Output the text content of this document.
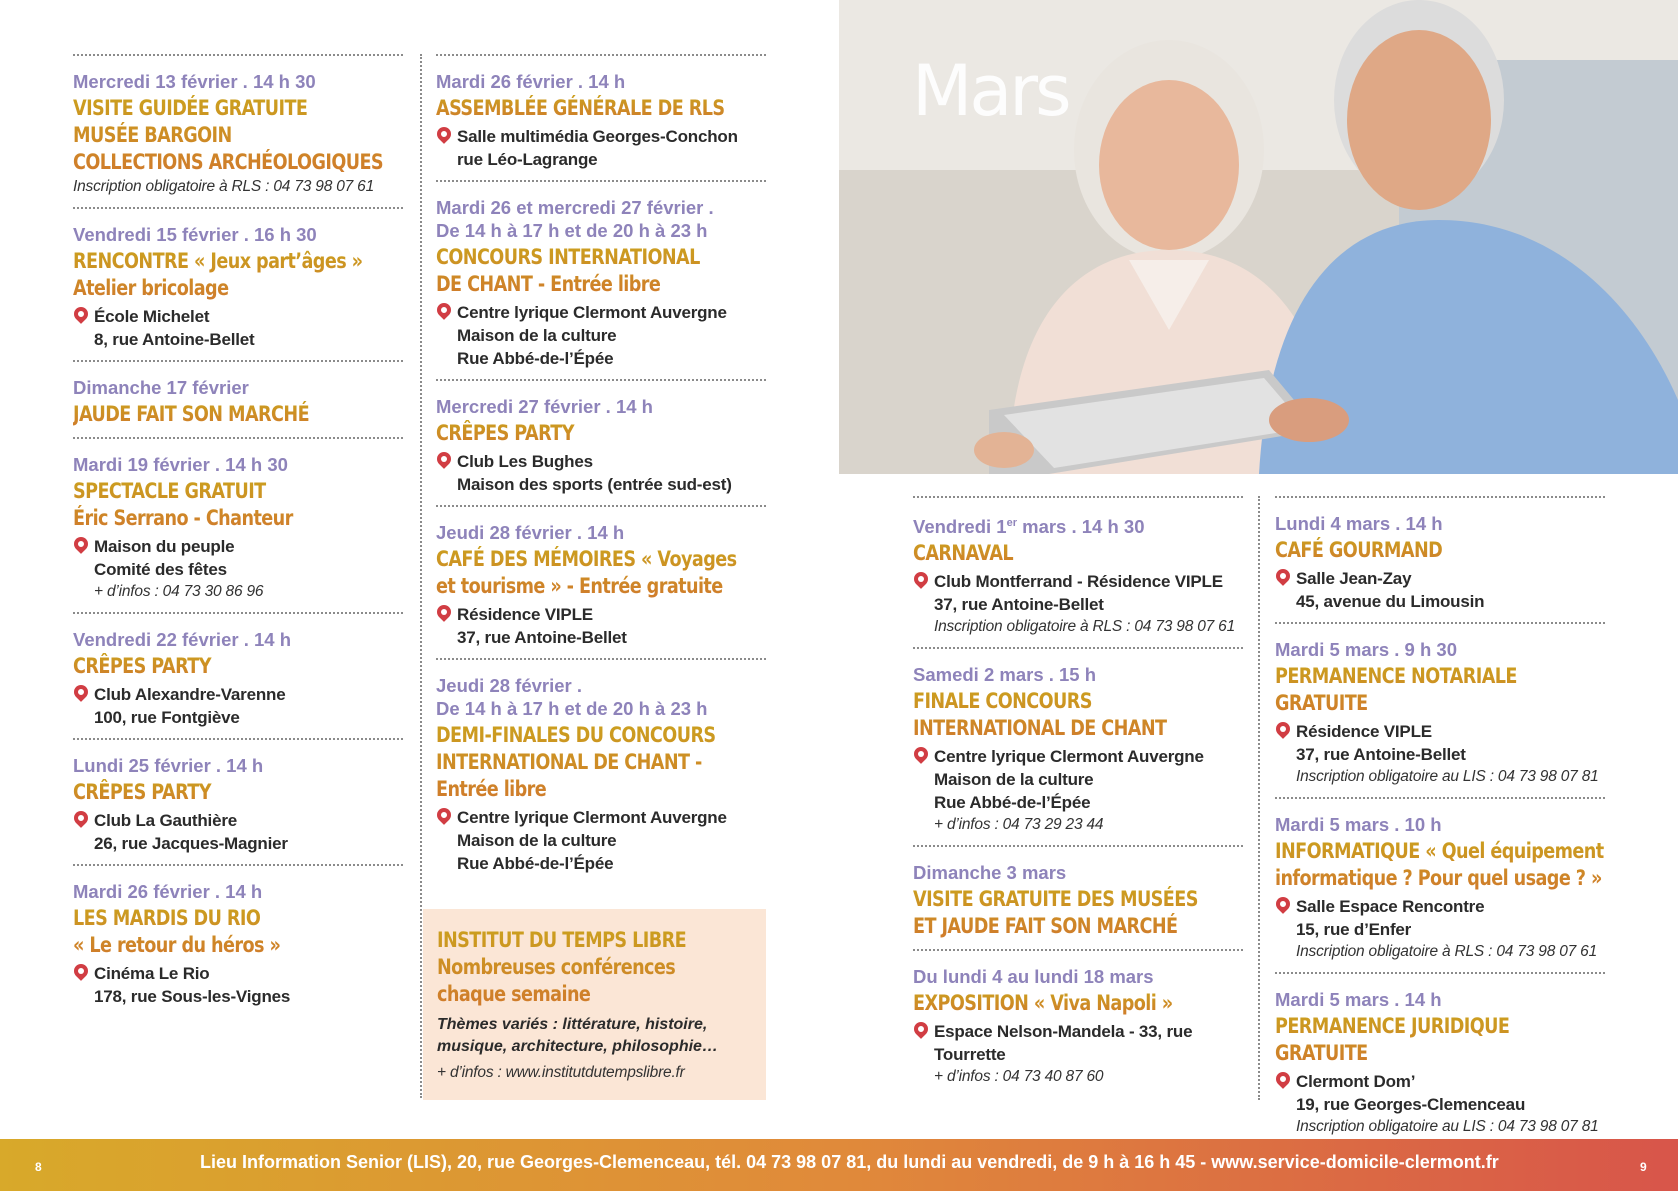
Mercredi 13 février . 14 h 30
VISITE GUIDÉE GRATUITE
MUSÉE BARGOIN
COLLECTIONS ARCHÉOLOGIQUES
Inscription obligatoire à RLS : 04 73 98 07 61
Vendredi 15 février . 16 h 30
RENCONTRE « Jeux part’âges »
Atelier bricolage
École Michelet
8, rue Antoine-Bellet
Dimanche 17 février
JAUDE FAIT SON MARCHÉ
Mardi 19 février . 14 h 30
SPECTACLE GRATUIT
Éric Serrano - Chanteur
Maison du peuple
Comité des fêtes
+ d’infos : 04 73 30 86 96
Vendredi 22 février . 14 h
CRÊPES PARTY
Club Alexandre-Varenne
100, rue Fontgiève
Lundi 25 février . 14 h
CRÊPES PARTY
Club La Gauthière
26, rue Jacques-Magnier
Mardi 26 février . 14 h
LES MARDIS DU RIO
« Le retour du héros »
Cinéma Le Rio
178, rue Sous-les-Vignes
Mardi 26 février . 14 h
ASSEMBLÉE GÉNÉRALE DE RLS
Salle multimédia Georges-Conchon
rue Léo-Lagrange
Mardi 26 et mercredi 27 février .
De 14 h à 17 h et de 20 h à 23 h
CONCOURS INTERNATIONAL
DE CHANT - Entrée libre
Centre lyrique Clermont Auvergne
Maison de la culture
Rue Abbé-de-l’Épée
Mercredi 27 février . 14 h
CRÊPES PARTY
Club Les Bughes
Maison des sports (entrée sud-est)
Jeudi 28 février . 14 h
CAFÉ DES MÉMOIRES « Voyages
et tourisme » - Entrée gratuite
Résidence VIPLE
37, rue Antoine-Bellet
Jeudi 28 février .
De 14 h à 17 h et de 20 h à 23 h
DEMI-FINALES DU CONCOURS
INTERNATIONAL DE CHANT -
Entrée libre
Centre lyrique Clermont Auvergne
Maison de la culture
Rue Abbé-de-l’Épée
INSTITUT DU TEMPS LIBRE
Nombreuses conférences
chaque semaine
Thèmes variés : littérature, histoire,
musique, architecture, philosophie…
+ d’infos : www.institutdutempslibre.fr
Mars
Vendredi 1er mars . 14 h 30
CARNAVAL
Club Montferrand - Résidence VIPLE
37, rue Antoine-Bellet
Inscription obligatoire à RLS : 04 73 98 07 61
Samedi 2 mars . 15 h
FINALE CONCOURS
INTERNATIONAL DE CHANT
Centre lyrique Clermont Auvergne
Maison de la culture
Rue Abbé-de-l’Épée
+ d’infos : 04 73 29 23 44
Dimanche 3 mars
VISITE GRATUITE DES MUSÉES
ET JAUDE FAIT SON MARCHÉ
Du lundi 4 au lundi 18 mars
EXPOSITION « Viva Napoli »
Espace Nelson-Mandela - 33, rue Tourrette
+ d’infos : 04 73 40 87 60
Lundi 4 mars . 14 h
CAFÉ GOURMAND
Salle Jean-Zay
45, avenue du Limousin
Mardi 5 mars . 9 h 30
PERMANENCE NOTARIALE GRATUITE
Résidence VIPLE
37, rue Antoine-Bellet
Inscription obligatoire au LIS : 04 73 98 07 81
Mardi 5 mars . 10 h
INFORMATIQUE « Quel équipement
informatique ? Pour quel usage ? »
Salle Espace Rencontre
15, rue d’Enfer
Inscription obligatoire à RLS : 04 73 98 07 61
Mardi 5 mars . 14 h
PERMANENCE JURIDIQUE GRATUITE
Clermont Dom’
19, rue Georges-Clemenceau
Inscription obligatoire au LIS : 04 73 98 07 81
Lieu Information Senior (LIS), 20, rue Georges-Clemenceau, tél. 04 73 98 07 81, du lundi au vendredi, de 9 h à 16 h 45 - www.service-domicile-clermont.fr
8	9
